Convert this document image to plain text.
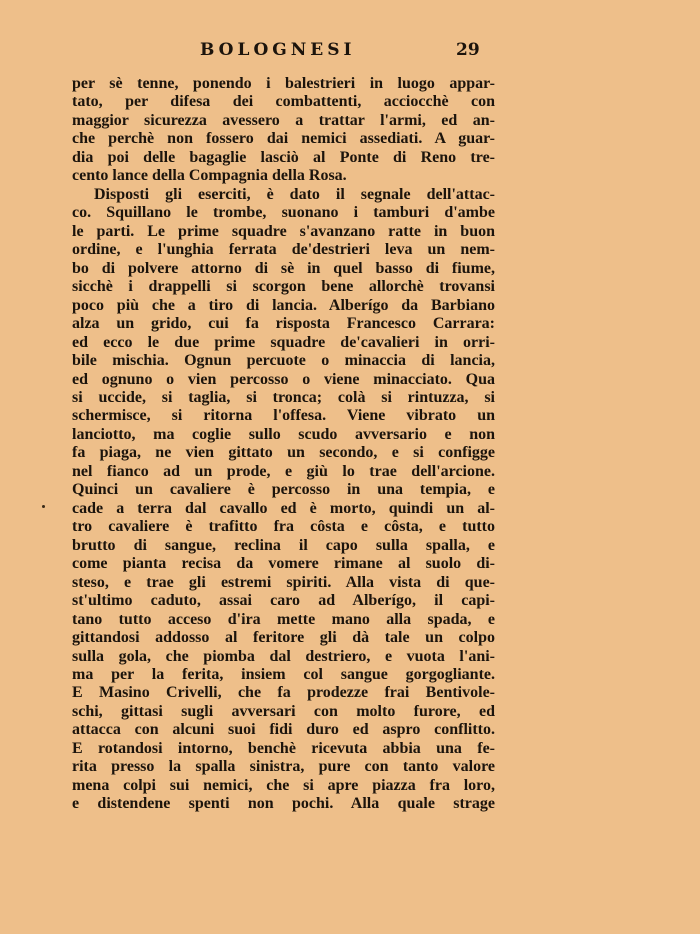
BOLOGNESI	29
per sè tenne, ponendo i balestrieri in luogo appar-
tato, per difesa dei combattenti, acciocchè con
maggior sicurezza avessero a trattar l'armi, ed an-
che perchè non fossero dai nemici assediati. A guar-
dia poi delle bagaglie lasciò al Ponte di Reno tre-
cento lance della Compagnia della Rosa.
Disposti gli eserciti, è dato il segnale dell'attac-
co. Squillano le trombe, suonano i tamburi d'ambe
le parti. Le prime squadre s'avanzano ratte in buon
ordine, e l'unghia ferrata de'destrieri leva un nem-
bo di polvere attorno di sè in quel basso di fiume,
sicchè i drappelli si scorgon bene allorchè trovansi
poco più che a tiro di lancia. Alberígo da Barbiano
alza un grido, cui fa risposta Francesco Carrara:
ed ecco le due prime squadre de'cavalieri in orri-
bile mischia. Ognun percuote o minaccia di lancia,
ed ognuno o vien percosso o viene minacciato. Qua
si uccide, si taglia, si tronca; colà si rintuzza, si
schermisce, si ritorna l'offesa. Viene vibrato un
lanciotto, ma coglie sullo scudo avversario e non
fa piaga, ne vien gittato un secondo, e si configge
nel fianco ad un prode, e giù lo trae dell'arcione.
Quinci un cavaliere è percosso in una tempia, e
cade a terra dal cavallo ed è morto, quindi un al-
tro cavaliere è trafitto fra côsta e côsta, e tutto
brutto di sangue, reclina il capo sulla spalla, e
come pianta recisa da vomere rimane al suolo di-
steso, e trae gli estremi spiriti. Alla vista di que-
st'ultimo caduto, assai caro ad Alberígo, il capi-
tano tutto acceso d'ira mette mano alla spada, e
gittandosi addosso al feritore gli dà tale un colpo
sulla gola, che piomba dal destriero, e vuota l'ani-
ma per la ferita, insiem col sangue gorgogliante.
E Masino Crivelli, che fa prodezze frai Bentivole-
schi, gittasi sugli avversari con molto furore, ed
attacca con alcuni suoi fidi duro ed aspro conflitto.
E rotandosi intorno, benchè ricevuta abbia una fe-
rita presso la spalla sinistra, pure con tanto valore
mena colpi sui nemici, che si apre piazza fra loro,
e distendene spenti non pochi. Alla quale strage
